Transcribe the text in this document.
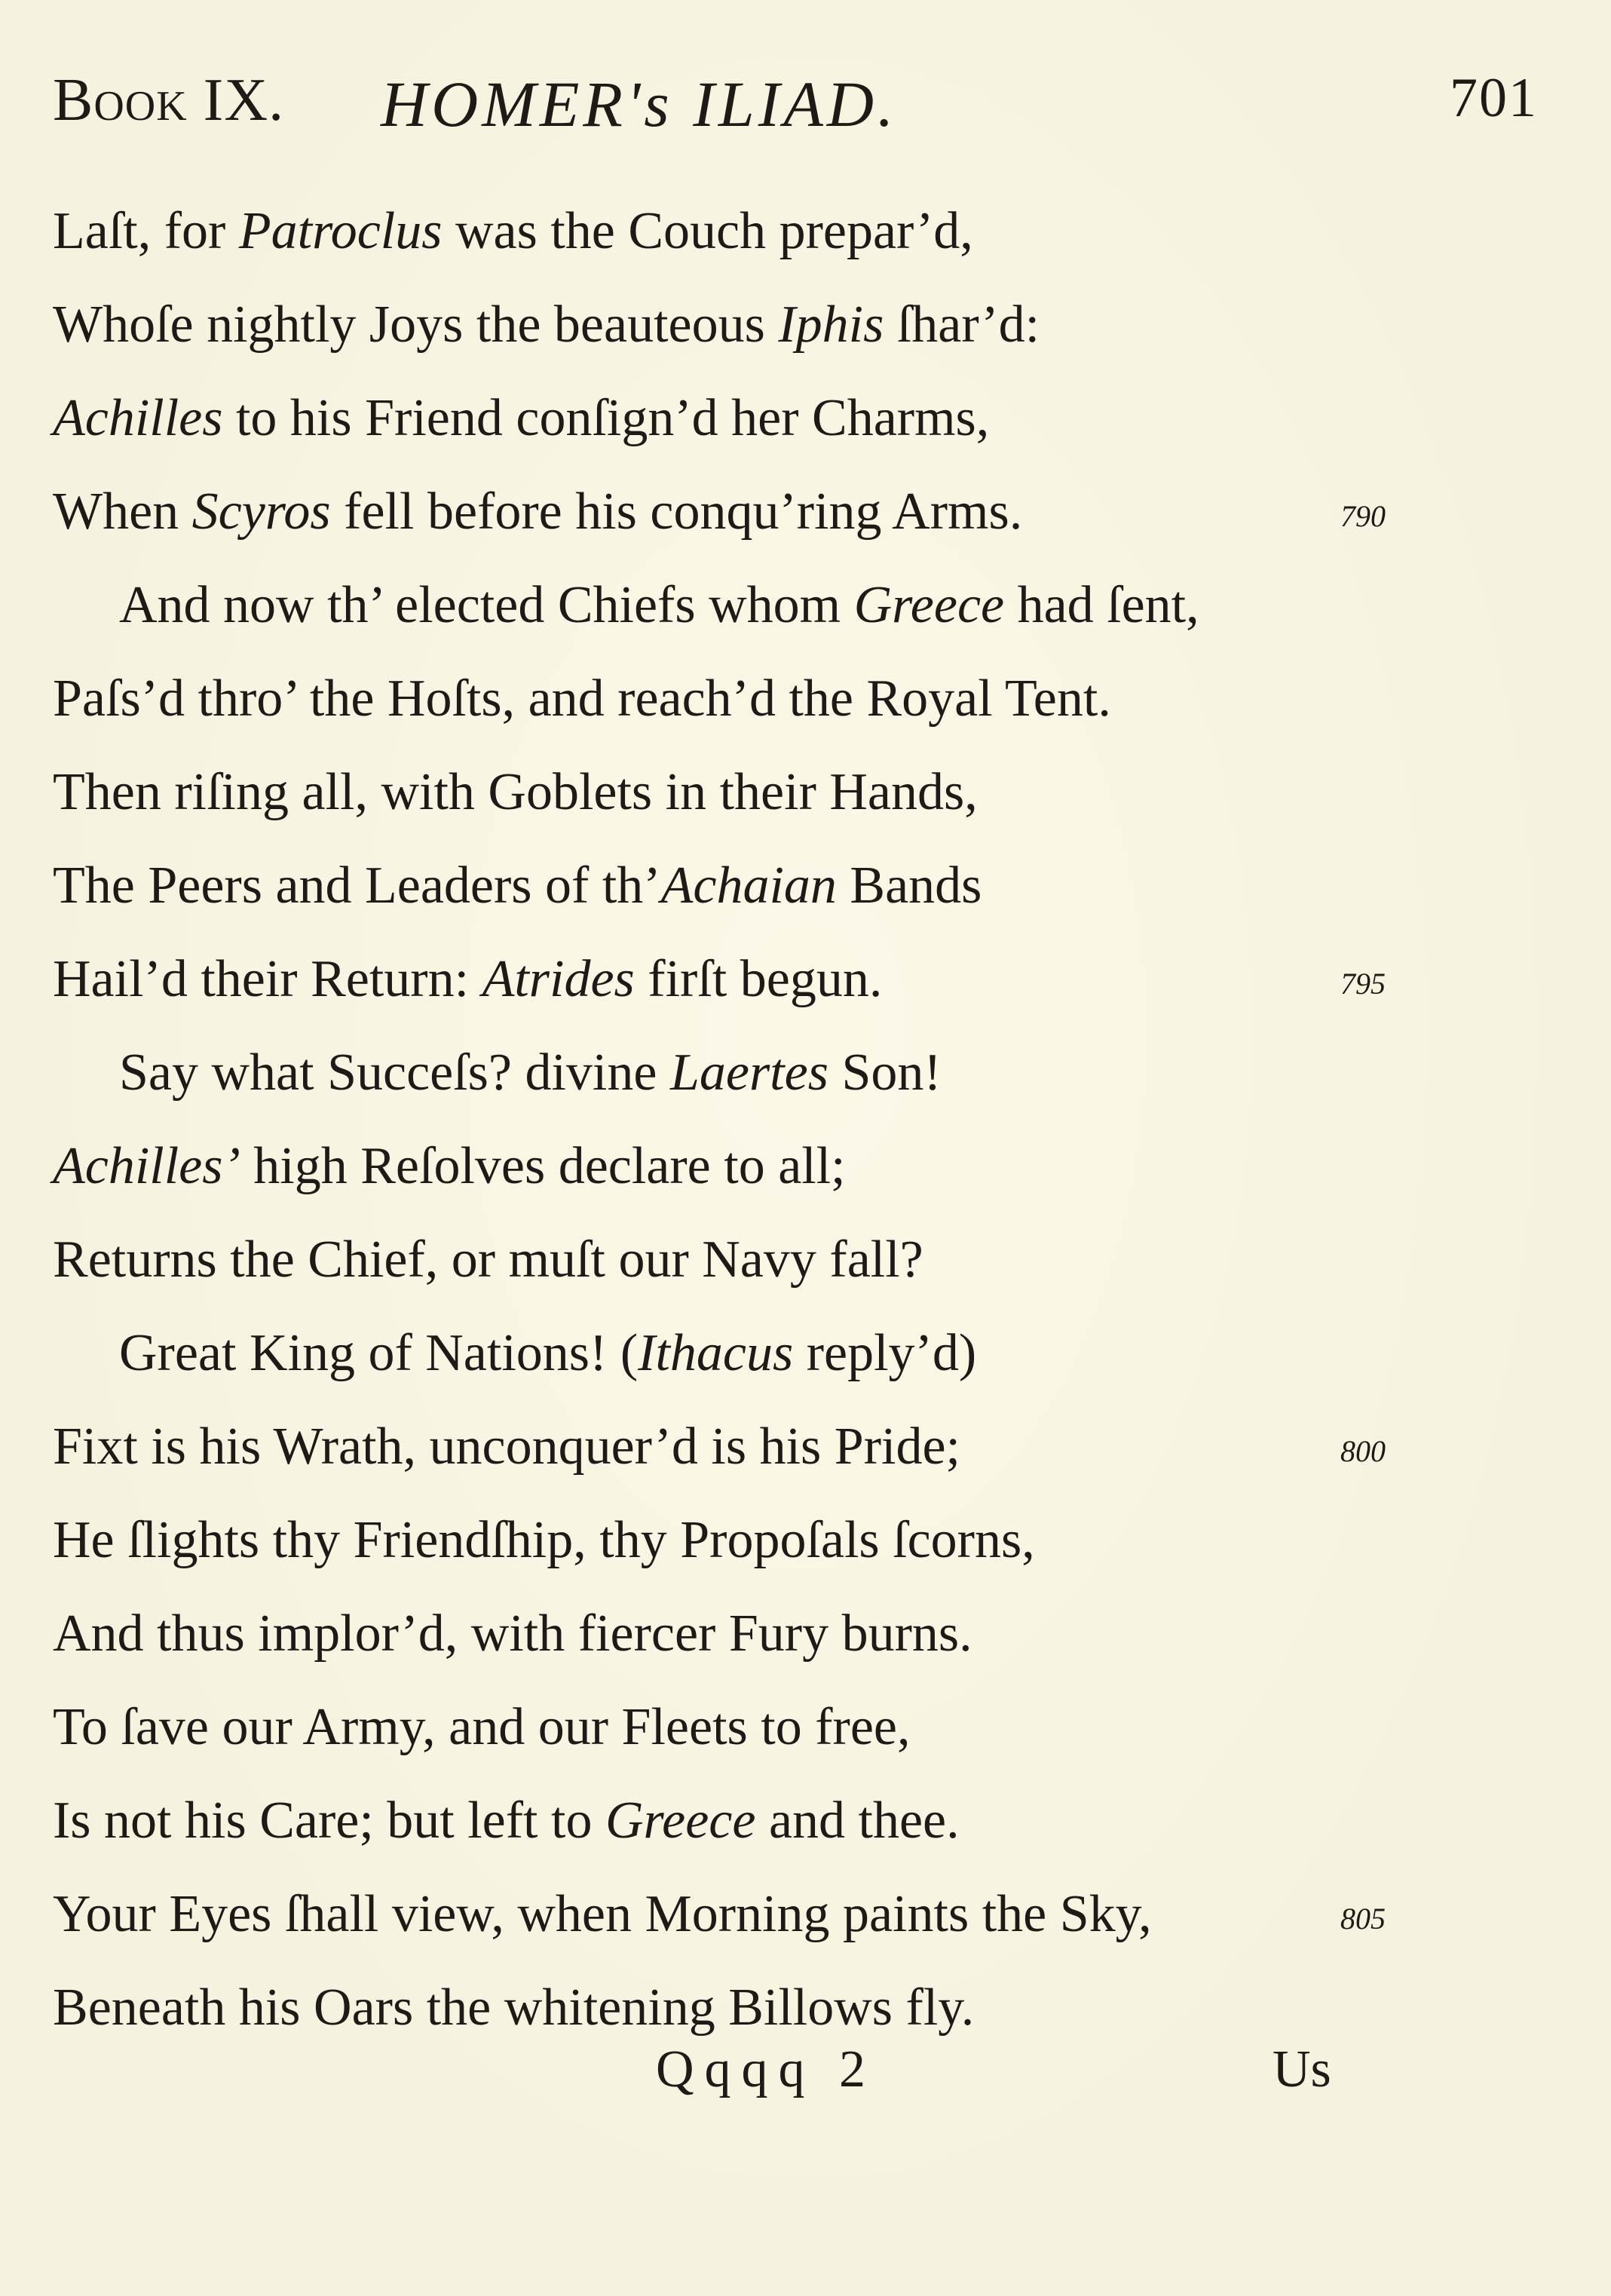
Book IX. HOMER's ILIAD.	701
Laſt, for Patroclus was the Couch prepar’d,
Whoſe nightly Joys the beauteous Iphis ſhar’d:
Achilles to his Friend conſign’d her Charms,
When Scyros fell before his conqu’ring Arms.	790
And now th’ elected Chiefs whom Greece had ſent,
Paſs’d thro’ the Hoſts, and reach’d the Royal Tent.
Then riſing all, with Goblets in their Hands,
The Peers and Leaders of th’Achaian Bands
Hail’d their Return: Atrides firſt begun.	795
Say what Succeſs? divine Laertes Son!
Achilles’ high Reſolves declare to all;
Returns the Chief, or muſt our Navy fall?
Great King of Nations! (Ithacus reply’d)
Fixt is his Wrath, unconquer’d is his Pride;	800
He ſlights thy Friendſhip, thy Propoſals ſcorns,
And thus implor’d, with fiercer Fury burns.
To ſave our Army, and our Fleets to free,
Is not his Care; but left to Greece and thee.
Your Eyes ſhall view, when Morning paints the Sky,	805
Beneath his Oars the whitening Billows fly.
Qqqq 2	Us
